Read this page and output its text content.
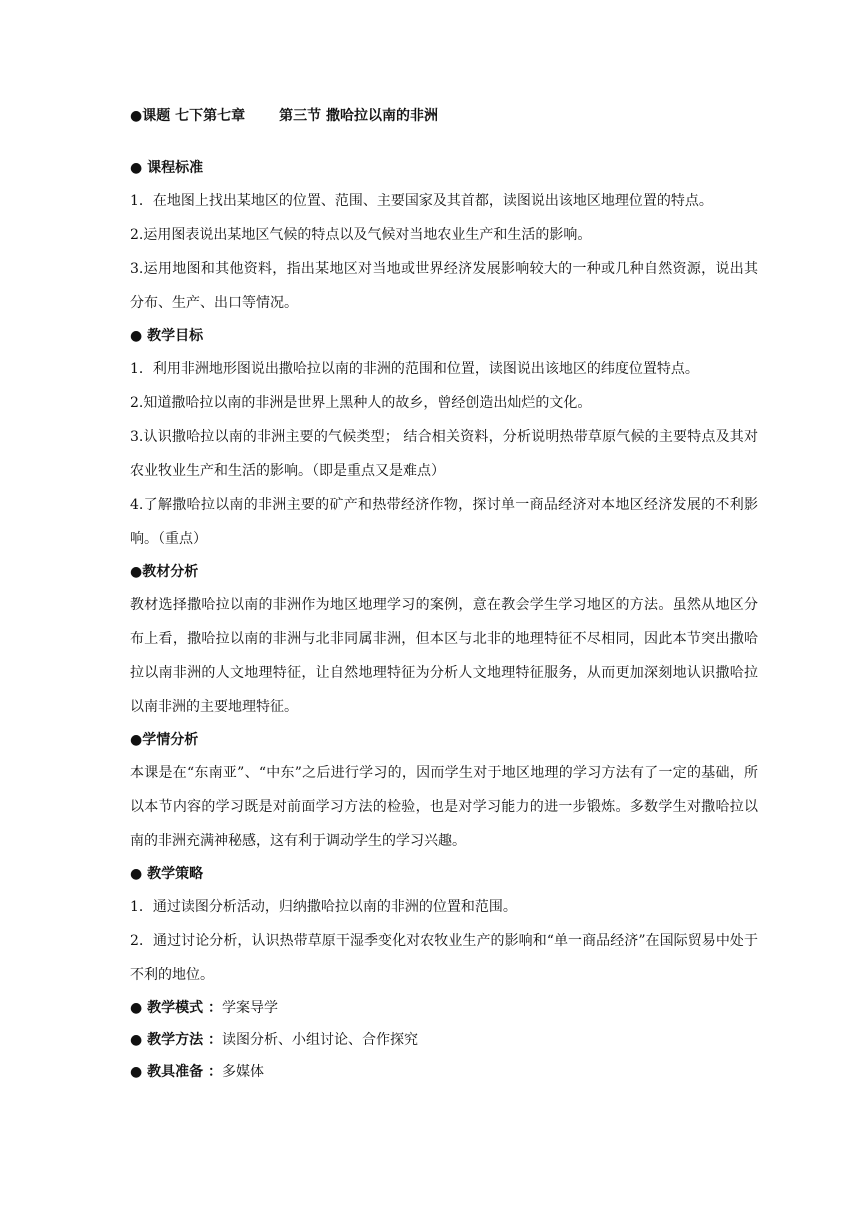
●课题 七下第七章 第三节 撒哈拉以南的非洲
● 课程标准

1．在地图上找出某地区的位置、范围、主要国家及其首都，读图说出该地区地理位置的特点。

2.运用图表说出某地区气候的特点以及气候对当地农业生产和生活的影响。

3.运用地图和其他资料，指出某地区对当地或世界经济发展影响较大的一种或几种自然资源，说出其分布、生产、出口等情况。

● 教学目标

1．利用非洲地形图说出撒哈拉以南的非洲的范围和位置，读图说出该地区的纬度位置特点。

2.知道撒哈拉以南的非洲是世界上黑种人的故乡，曾经创造出灿烂的文化。

3.认识撒哈拉以南的非洲主要的气候类型； 结合相关资料，分析说明热带草原气候的主要特点及其对农业牧业生产和生活的影响。（即是重点又是难点）

4.了解撒哈拉以南的非洲主要的矿产和热带经济作物，探讨单一商品经济对本地区经济发展的不利影响。（重点）

●教材分析

教材选择撒哈拉以南的非洲作为地区地理学习的案例，意在教会学生学习地区的方法。虽然从地区分布上看，撒哈拉以南的非洲与北非同属非洲，但本区与北非的地理特征不尽相同，因此本节突出撒哈拉以南非洲的人文地理特征，让自然地理特征为分析人文地理特征服务，从而更加深刻地认识撒哈拉以南非洲的主要地理特征。

●学情分析

本课是在“东南亚”、“中东”之后进行学习的，因而学生对于地区地理的学习方法有了一定的基础，所以本节内容的学习既是对前面学习方法的检验，也是对学习能力的进一步锻炼。多数学生对撒哈拉以南的非洲充满神秘感，这有利于调动学生的学习兴趣。

● 教学策略

1．通过读图分析活动，归纳撒哈拉以南的非洲的位置和范围。

2．通过讨论分析，认识热带草原干湿季变化对农牧业生产的影响和“单一商品经济”在国际贸易中处于不利的地位。

● 教学模式 ：学案导学
● 教学方法 ：读图分析、小组讨论、合作探究
● 教具准备 ：多媒体
